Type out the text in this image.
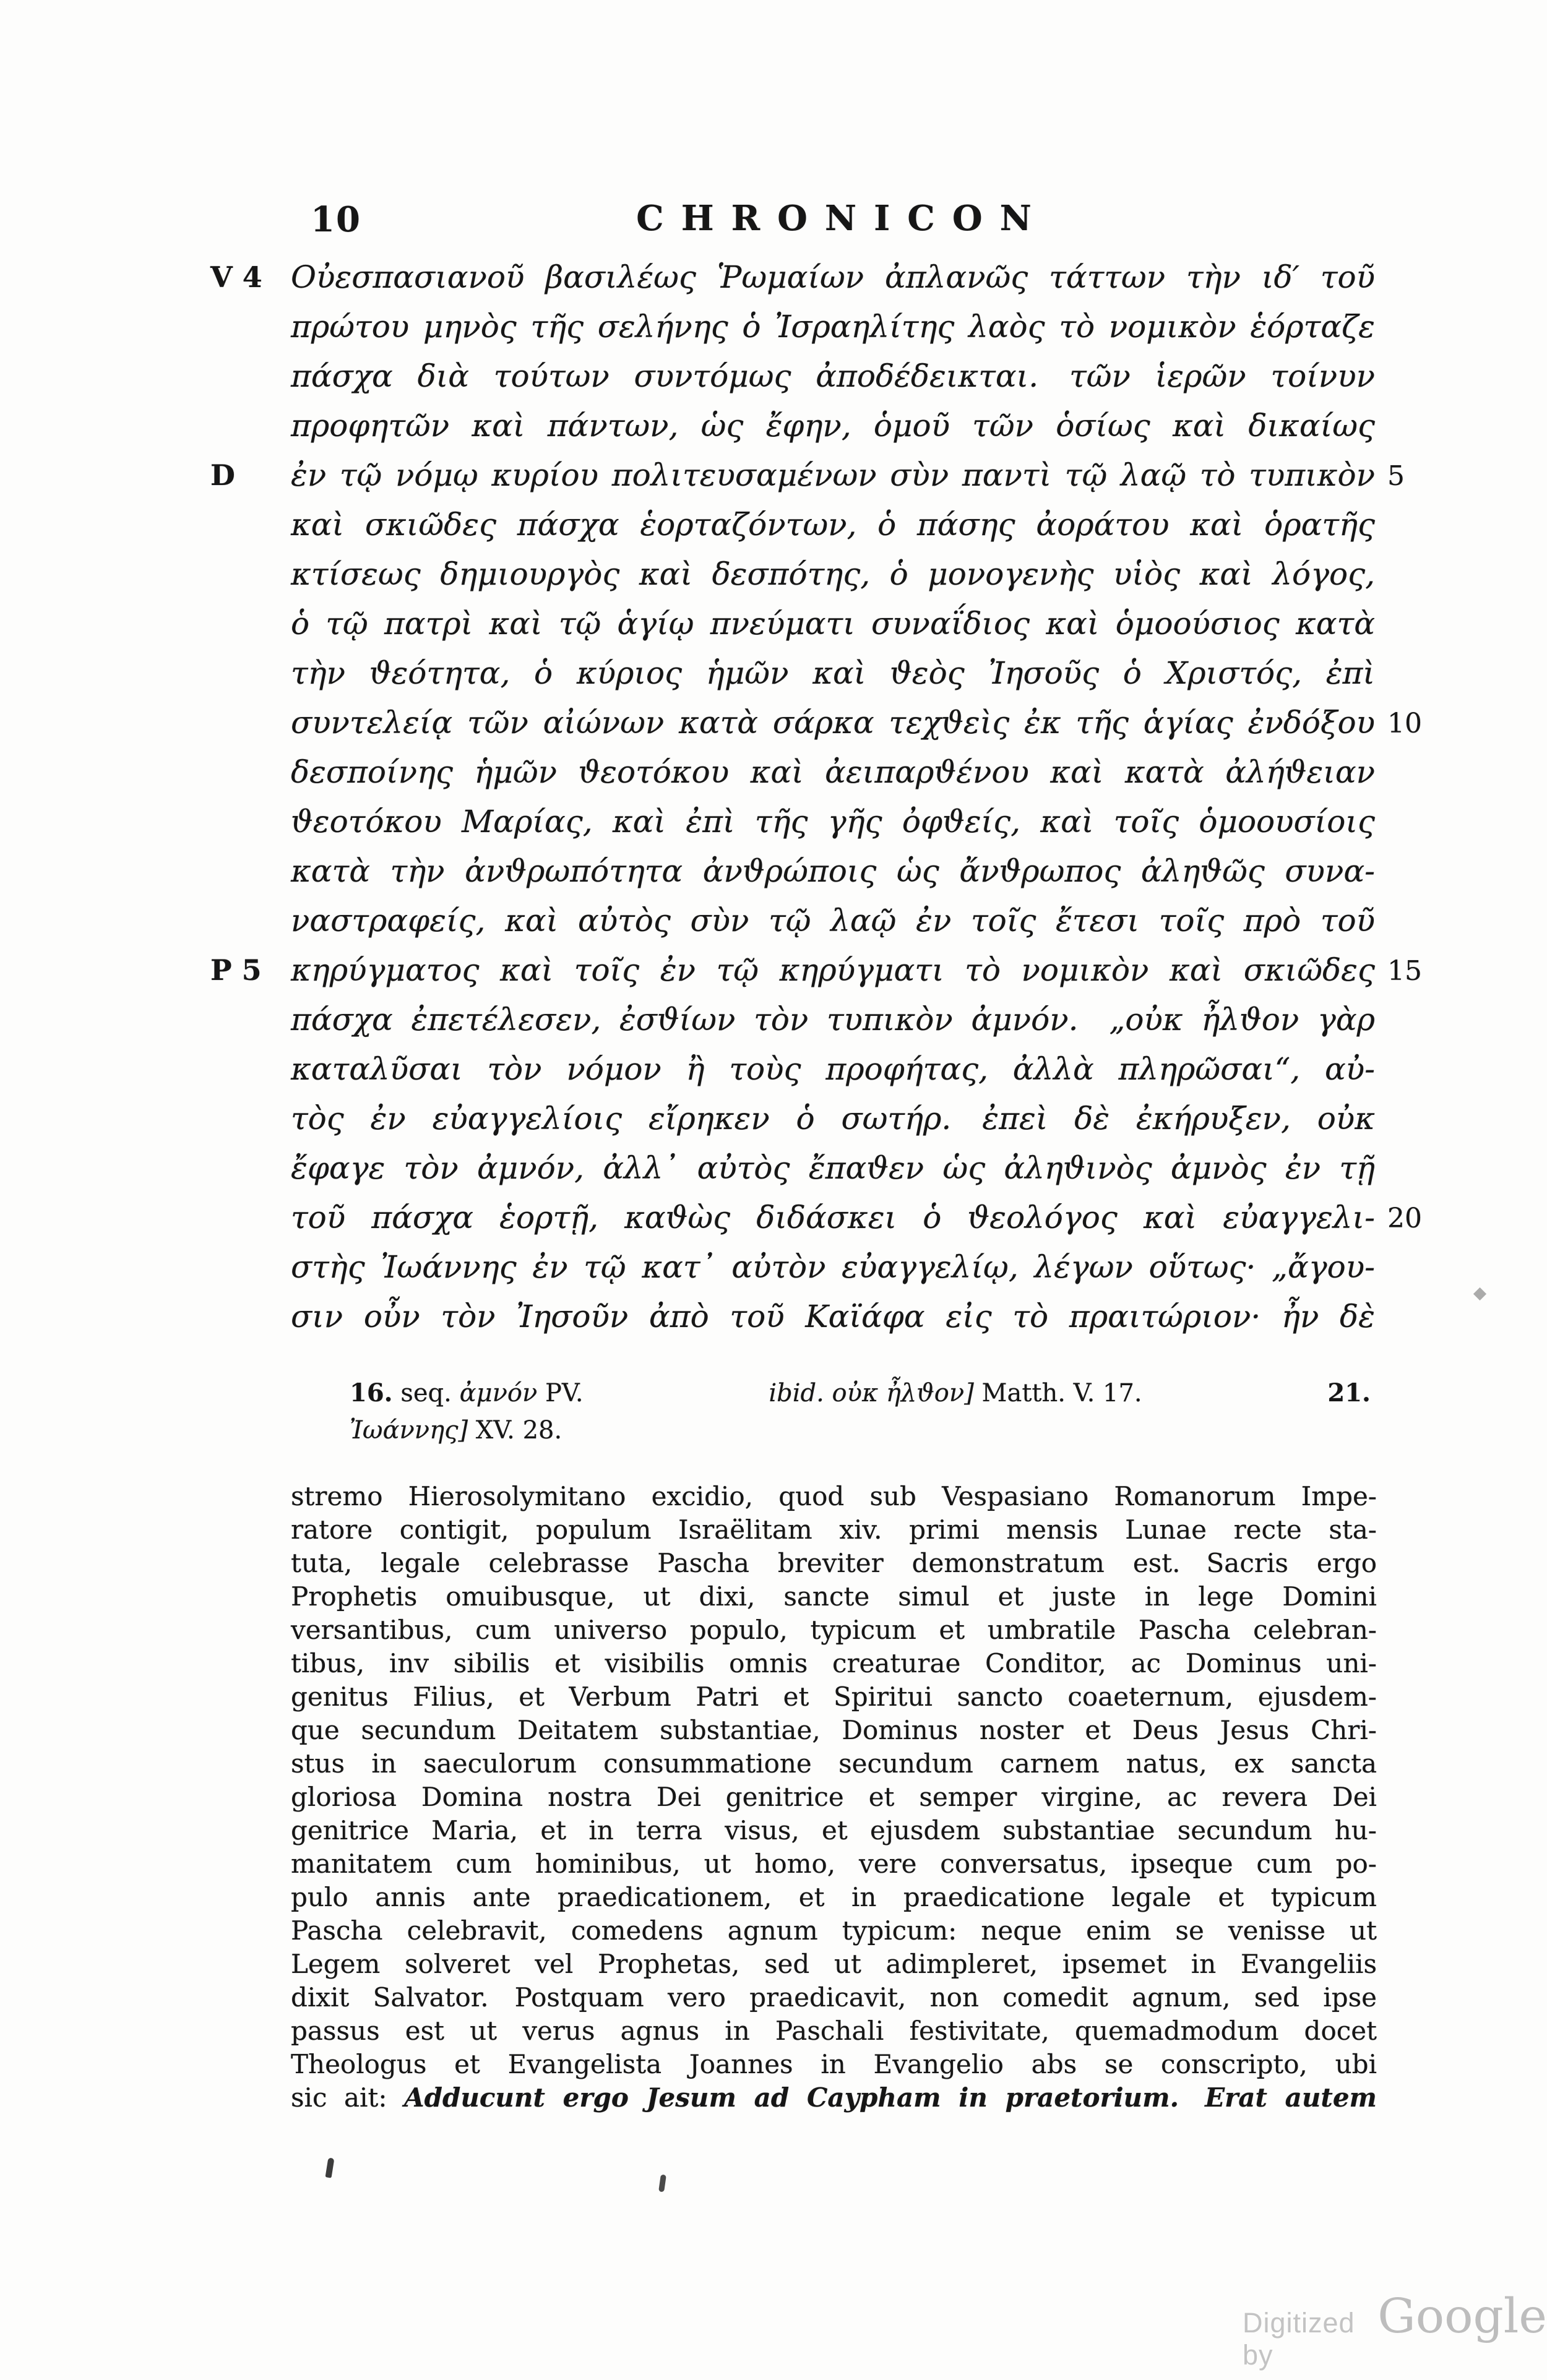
10	CHRONICON
V 4 Οὐεσπασιανοῦ βασιλέως Ῥωμαίων ἀπλανῶς τάττων τὴν ιδ′ τοῦ
πρώτου μηνὸς τῆς σελήνης ὁ Ἰσραηλίτης λαὸς τὸ νομικὸν ἑόρταζε
πάσχα διὰ τούτων συντόμως ἀποδέδεικται. τῶν ἱερῶν τοίνυν
προφητῶν καὶ πάντων, ὡς ἔφην, ὁμοῦ τῶν ὁσίως καὶ δικαίως
D	ἐν τῷ νόμῳ κυρίου πολιτευσαμένων σὺν παντὶ τῷ λαῷ τὸ τυπικὸν 5
καὶ σκιῶδες πάσχα ἑορταζόντων, ὁ πάσης ἀοράτου καὶ ὁρατῆς
κτίσεως δημιουργὸς καὶ δεσπότης, ὁ μονογενὴς υἱὸς καὶ λόγος,
ὁ τῷ πατρὶ καὶ τῷ ἁγίῳ πνεύματι συναΐδιος καὶ ὁμοούσιος κατὰ
τὴν ϑεότητα, ὁ κύριος ἡμῶν καὶ ϑεὸς Ἰησοῦς ὁ Χριστός, ἐπὶ
συντελείᾳ τῶν αἰώνων κατὰ σάρκα τεχϑεὶς ἐκ τῆς ἁγίας ἐνδόξου 10
δεσποίνης ἡμῶν ϑεοτόκου καὶ ἀειπαρϑένου καὶ κατὰ ἀλήϑειαν
ϑεοτόκου Μαρίας, καὶ ἐπὶ τῆς γῆς ὀφϑείς, καὶ τοῖς ὁμοουσίοις
κατὰ τὴν ἀνϑρωπότητα ἀνϑρώποις ὡς ἄνϑρωπος ἀληϑῶς συνα-
ναστραφείς, καὶ αὐτὸς σὺν τῷ λαῷ ἐν τοῖς ἔτεσι τοῖς πρὸ τοῦ
P 5 κηρύγματος καὶ τοῖς ἐν τῷ κηρύγματι τὸ νομικὸν καὶ σκιῶδες 15
πάσχα ἐπετέλεσεν, ἐσϑίων τὸν τυπικὸν ἀμνόν. „οὐκ ἦλϑον γὰρ
καταλῦσαι τὸν νόμον ἢ τοὺς προφήτας, ἀλλὰ πληρῶσαι“, αὐ-
τὸς ἐν εὐαγγελίοις εἴρηκεν ὁ σωτήρ. ἐπεὶ δὲ ἐκήρυξεν, οὐκ
ἔφαγε τὸν ἀμνόν, ἀλλ᾽ αὐτὸς ἔπαϑεν ὡς ἀληϑινὸς ἀμνὸς ἐν τῇ
τοῦ πάσχα ἑορτῇ, καϑὼς διδάσκει ὁ ϑεολόγος καὶ εὐαγγελι- 20
στὴς Ἰωάννης ἐν τῷ κατ᾽ αὐτὸν εὐαγγελίῳ, λέγων οὕτως· „ἄγου-
σιν οὖν τὸν Ἰησοῦν ἀπὸ τοῦ Καϊάφα εἰς τὸ πραιτώριον· ἦν δὲ
16. seq. ἀμνόν PV.	ibid. οὐκ ἦλϑον] Matth. V. 17.	21.
Ἰωάννης] XV. 28.
stremo Hierosolymitano excidio, quod sub Vespasiano Romanorum Impe-
ratore contigit, populum Israëlitam xiv. primi mensis Lunae recte sta-
tuta, legale celebrasse Pascha breviter demonstratum est. Sacris ergo
Prophetis omuibusque, ut dixi, sancte simul et juste in lege Domini
versantibus, cum universo populo, typicum et umbratile Pascha celebran-
tibus, inv sibilis et visibilis omnis creaturae Conditor, ac Dominus uni-
genitus Filius, et Verbum Patri et Spiritui sancto coaeternum, ejusdem-
que secundum Deitatem substantiae, Dominus noster et Deus Jesus Chri-
stus in saeculorum consummatione secundum carnem natus, ex sancta
gloriosa Domina nostra Dei genitrice et semper virgine, ac revera Dei
genitrice Maria, et in terra visus, et ejusdem substantiae secundum hu-
manitatem cum hominibus, ut homo, vere conversatus, ipseque cum po-
pulo annis ante praedicationem, et in praedicatione legale et typicum
Pascha celebravit, comedens agnum typicum: neque enim se venisse ut
Legem solveret vel Prophetas, sed ut adimpleret, ipsemet in Evangeliis
dixit Salvator. Postquam vero praedicavit, non comedit agnum, sed ipse
passus est ut verus agnus in Paschali festivitate, quemadmodum docet
Theologus et Evangelista Joannes in Evangelio abs se conscripto, ubi
sic ait: Adducunt ergo Jesum ad Caypham in praetorium. Erat autem
Digitized by
Google
